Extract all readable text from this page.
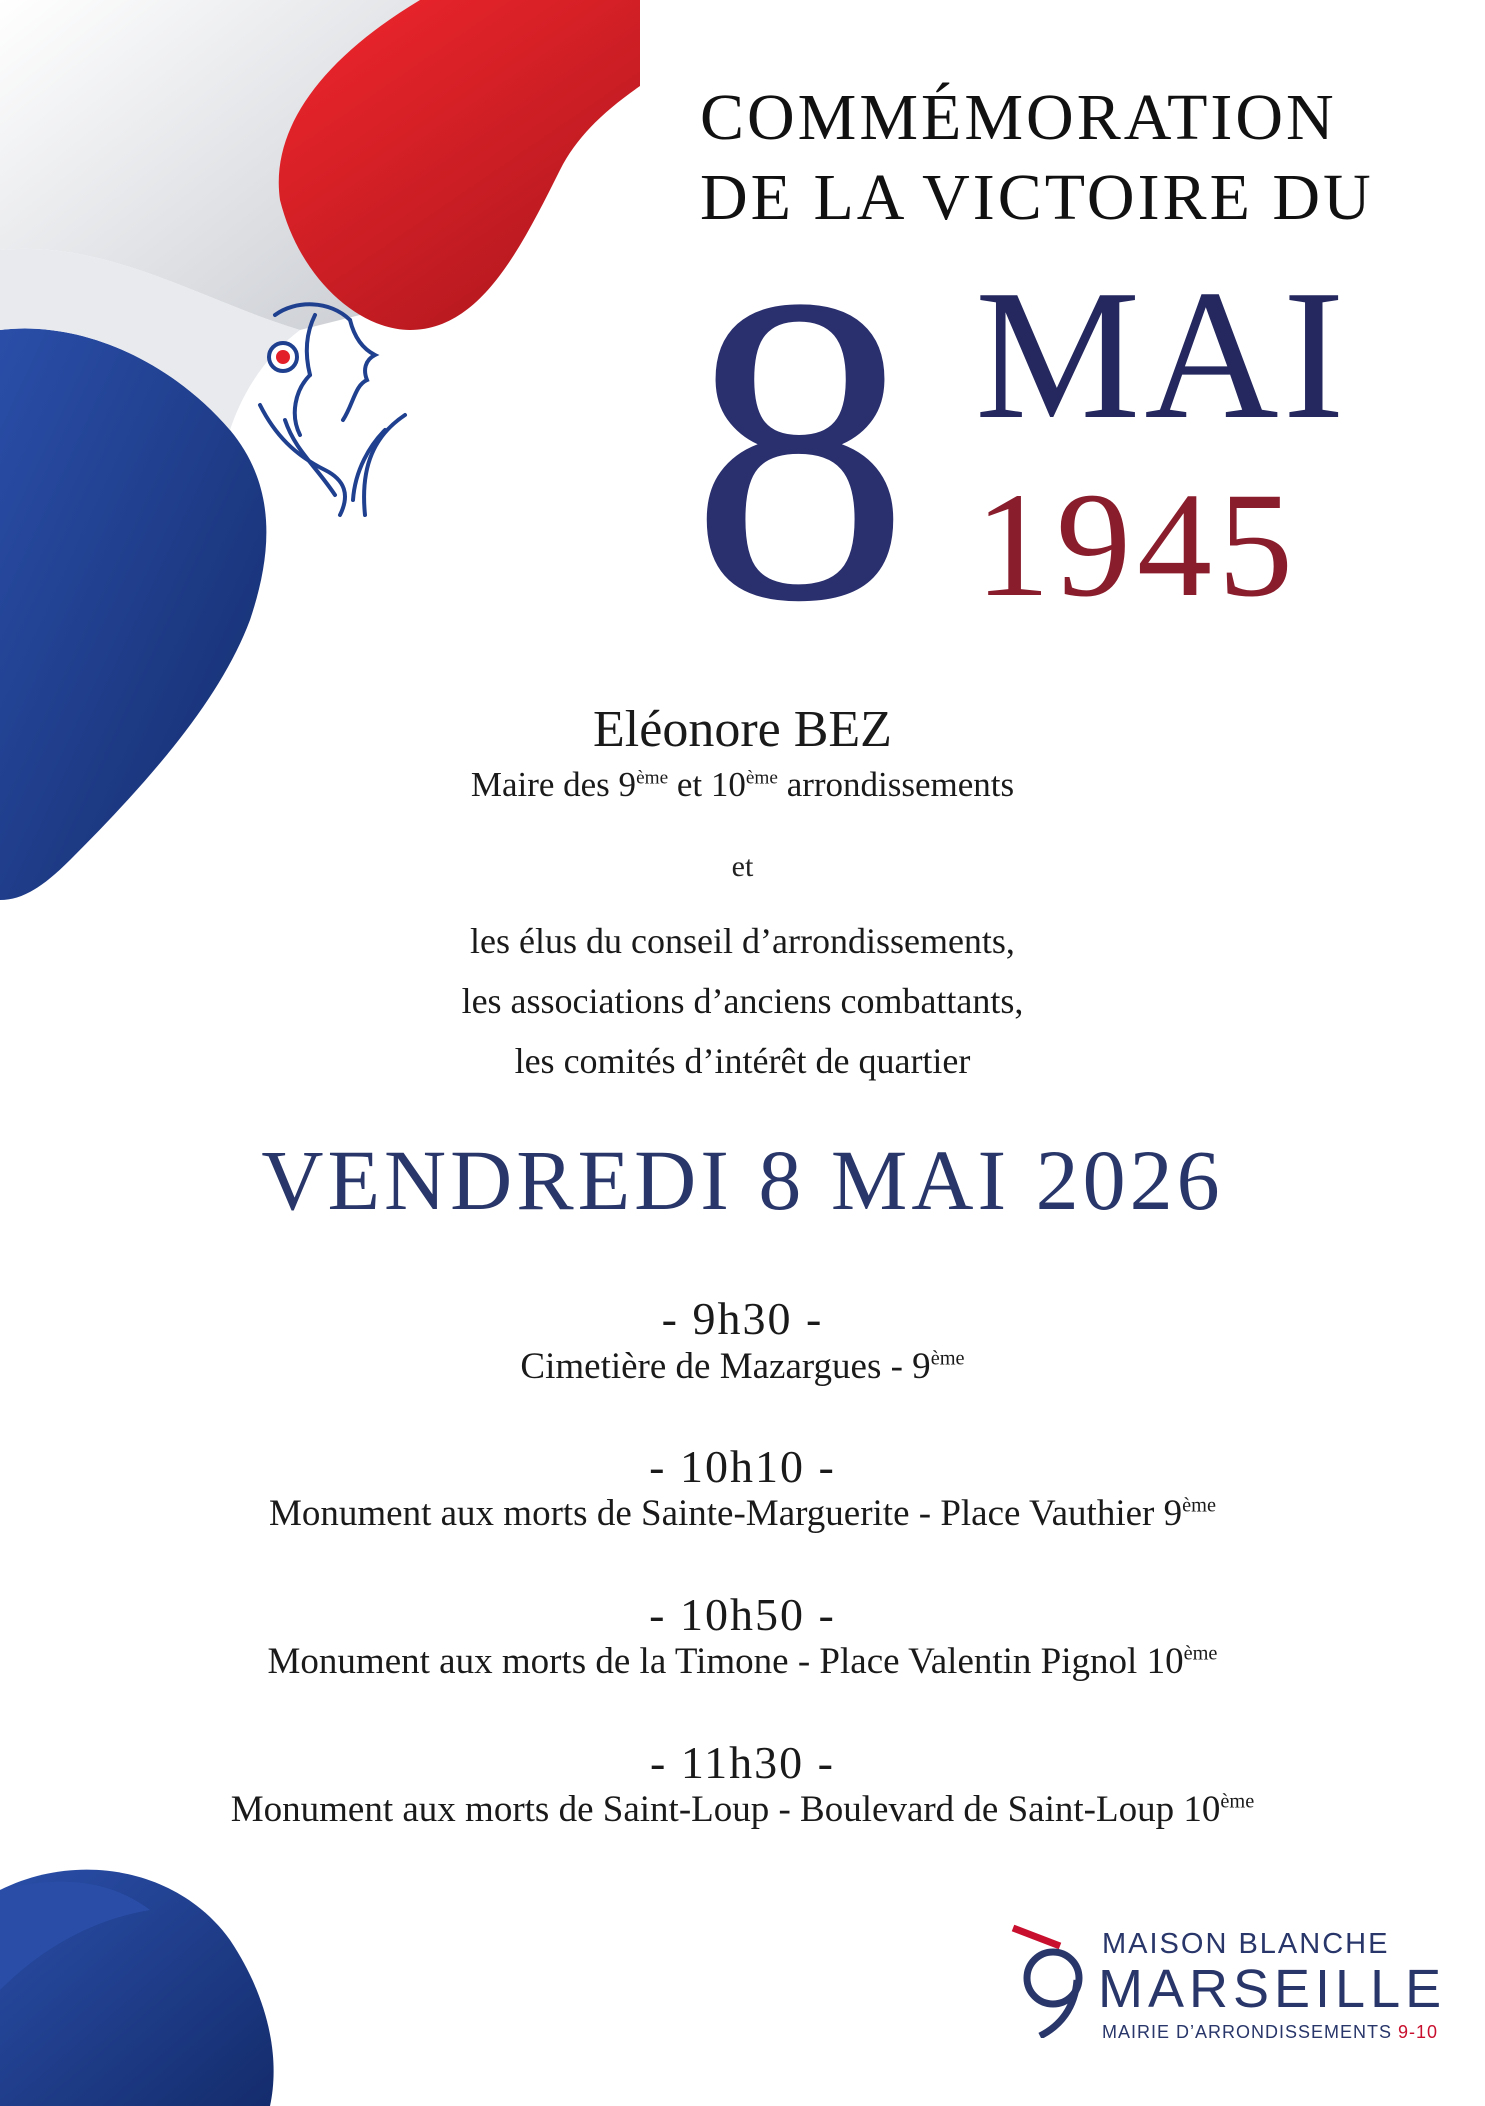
COMMÉMORATION
DE LA VICTOIRE DU
8 MAI
1945
Eléonore BEZ
Maire des 9ème et 10ème arrondissements
et
les élus du conseil d’arrondissements,
les associations d’anciens combattants,
les comités d’intérêt de quartier
VENDREDI 8 MAI 2026
- 9h30 -
Cimetière de Mazargues - 9ème
- 10h10 -
Monument aux morts de Sainte-Marguerite - Place Vauthier 9ème
- 10h50 -
Monument aux morts de la Timone - Place Valentin Pignol 10ème
- 11h30 -
Monument aux morts de Saint-Loup - Boulevard de Saint-Loup 10ème
MAISON BLANCHE
MARSEILLE
MAIRIE D’ARRONDISSEMENTS 9-10
